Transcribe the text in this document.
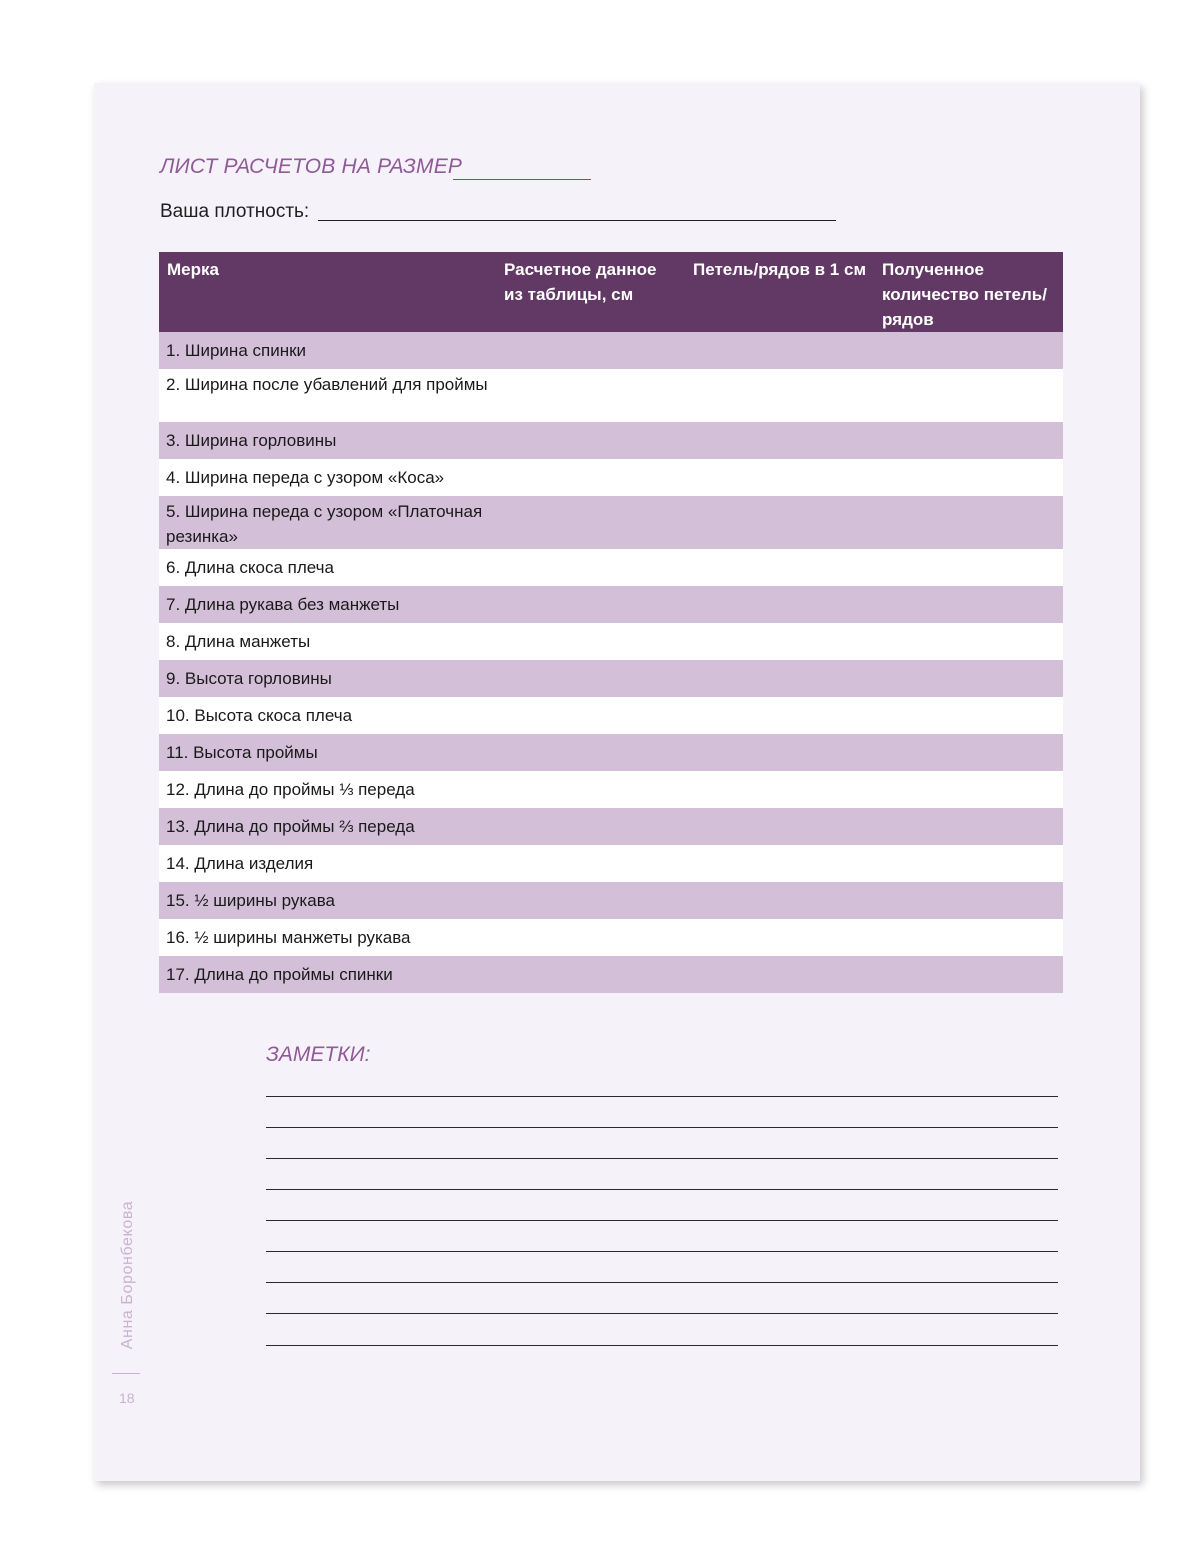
ЛИСТ РАСЧЕТОВ НА РАЗМЕР
Ваша плотность:
Мерка	Расчетное данное из таблицы, см	Петель/рядов в 1 см	Полученное количество петель/рядов
1. Ширина спинки			
2. Ширина после убавлений для проймы			
3. Ширина горловины			
4. Ширина переда с узором «Коса»			
5. Ширина переда с узором «Платочная резинка»			
6. Длина скоса плеча			
7. Длина рукава без манжеты			
8. Длина манжеты			
9. Высота горловины			
10. Высота скоса плеча			
11. Высота проймы			
12. Длина до проймы ⅓ переда			
13. Длина до проймы ⅔ переда			
14. Длина изделия			
15. ½ ширины рукава			
16. ½ ширины манжеты рукава			
17. Длина до проймы спинки			
ЗАМЕТКИ:
Анна Боронбекова
18
